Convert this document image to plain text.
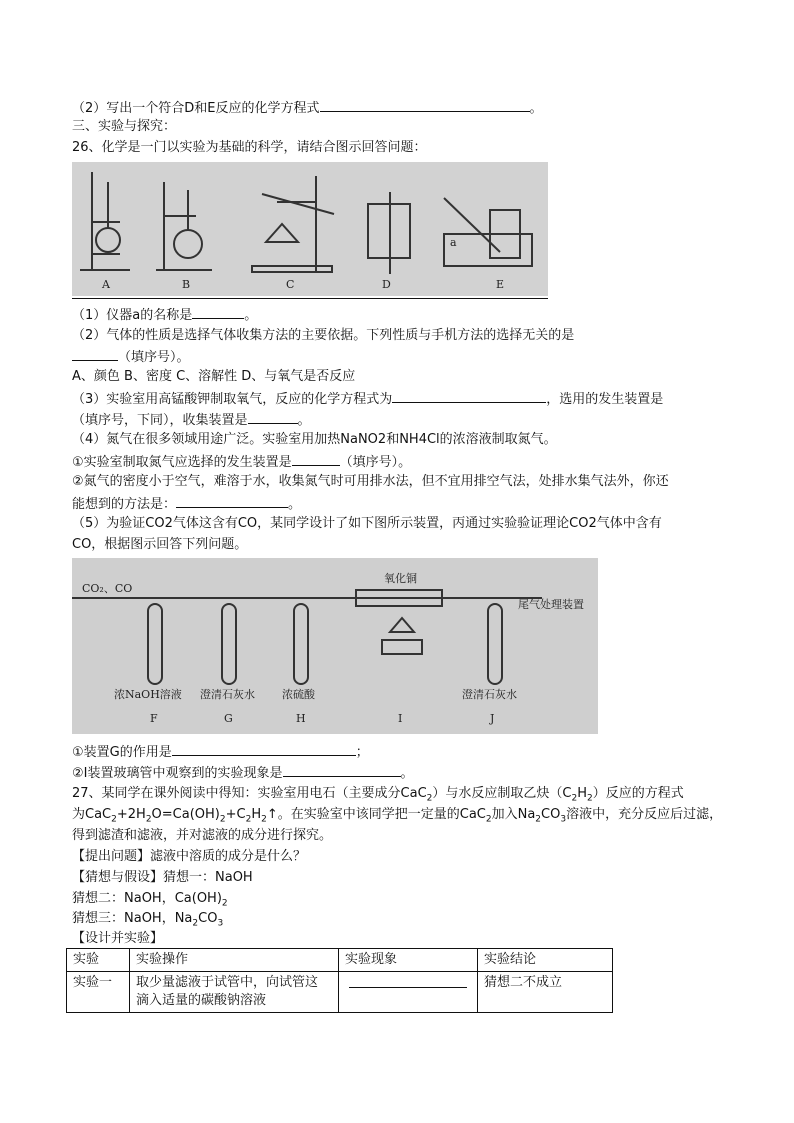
（2）写出一个符合D和E反应的化学方程式	。
三、实验与探究：
26、化学是一门以实验为基础的科学，请结合图示回答问题：
A	B	C	D	E
a
（1）仪器a的名称是	。
（2）气体的性质是选择气体收集方法的主要依据。下列性质与手机方法的选择无关的是
（填序号）。
A、颜色 B、密度 C、溶解性 D、与氧气是否反应
（3）实验室用高锰酸钾制取氧气，反应的化学方程式为	，选用的发生装置是
（填序号，下同），收集装置是	。
（4）氮气在很多领域用途广泛。实验室用加热NaNO2和NH4Cl的浓溶液制取氮气。
①实验室制取氮气应选择的发生装置是	（填序号）。
②氮气的密度小于空气，难溶于水，收集氮气时可用排水法，但不宜用排空气法，处排水集气法外，你还
能想到的方法是：	。
（5）为验证CO2气体这含有CO，某同学设计了如下图所示装置，丙通过实验验证理论CO2气体中含有
CO，根据图示回答下列问题。
CO₂、CO
氧化铜
尾气处理装置
浓NaOH溶液 澄清石灰水 浓硫酸	澄清石灰水
F	G	H	I	J
①装置G的作用是	；
②I装置玻璃管中观察到的实验现象是	。
27、某同学在课外阅读中得知：实验室用电石（主要成分CaC$_2$）与水反应制取乙炔$(C_2H_2)$反应的方程式
为$CaC_2+2H_2O=Ca(OH)_2+C_2H_2↑$。在实验室中该同学把一定量的CaC$_2$加入$Na_2CO_3$溶液中，充分反应后过滤，
得到滤渣和滤液，并对滤液的成分进行探究。
【提出问题】滤液中溶质的成分是什么？
【猜想与假设】猜想一：NaOH
猜想二：NaOH，$Ca(OH)_2$
猜想三：NaOH，$Na_2CO_3$
【设计并实验】
实验	实验操作	实验现象	实验结论
实验一	取少量滤液于试管中，向试管这
滴入适量的碳酸钠溶液		猜想二不成立
